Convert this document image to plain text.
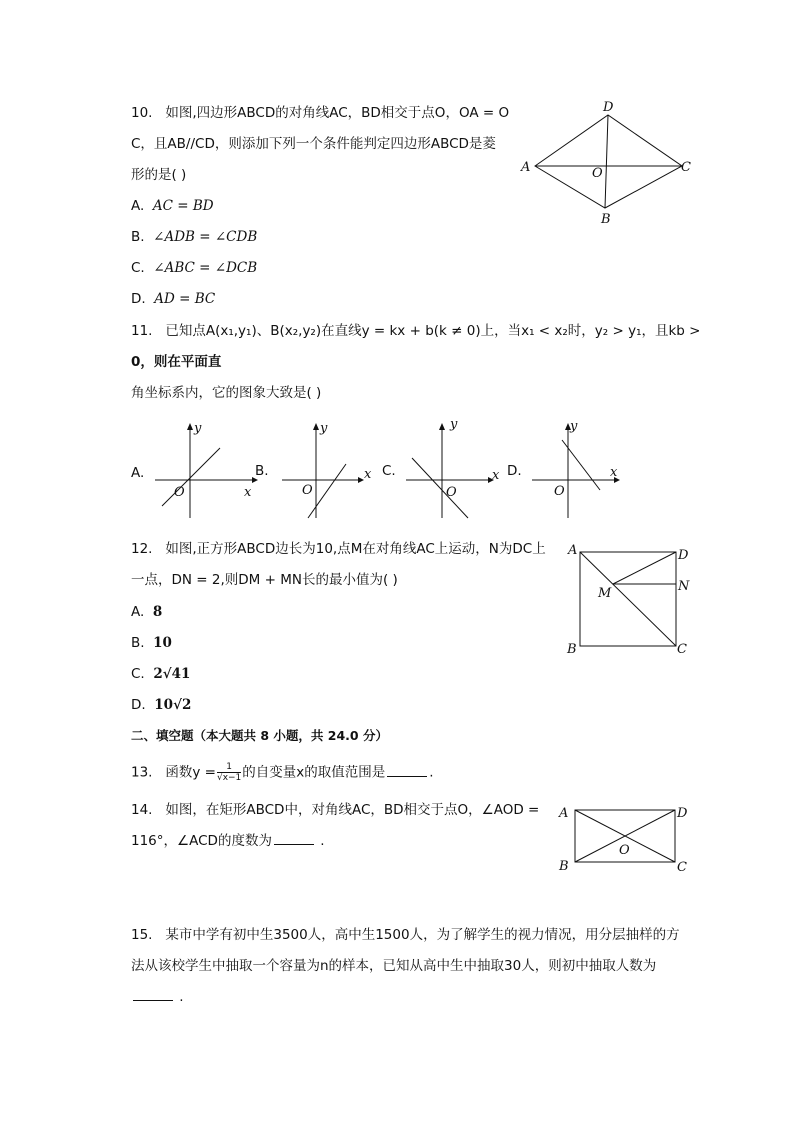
10. 如图,四边形ABCD的对角线AC，BD相交于点O，OA = O
C，且AB//CD，则添加下列一个条件能判定四边形ABCD是菱
形的是( )
A. AC = BD
B. ∠ADB = ∠CDB
C. ∠ABC = ∠DCB
D. AD = BC
A
D
C
B
O
11. 已知点A(x₁,y₁)、B(x₂,y₂)在直线y = kx + b(k ≠ 0)上，当x₁ < x₂时，y₂ > y₁，且kb >
0，则在平面直
角坐标系内，它的图象大致是( )
A.
y
x
O
B.
y
x
O
C.
y
x
O
D.
y
x
O
12. 如图,正方形ABCD边长为10,点M在对角线AC上运动，N为DC上
一点，DN = 2,则DM + MN长的最小值为( )
A. 8
B. 10
C. 2√41
D. 10√2
A	D
N
M
B	C
二、填空题（本大题共 8 小题，共 24.0 分）
13. 函数$y = \frac{1}{√x-1}$ 的自变量x的取值范围是	.
14. 如图，在矩形ABCD中，对角线AC，BD相交于点O，∠AOD =
116°，∠ACD的度数为	.
A	D
B	C
O
15. 某市中学有初中生3500人，高中生1500人，为了解学生的视力情况，用分层抽样的方
法从该校学生中抽取一个容量为n的样本，已知从高中生中抽取30人，则初中抽取人数为
.
